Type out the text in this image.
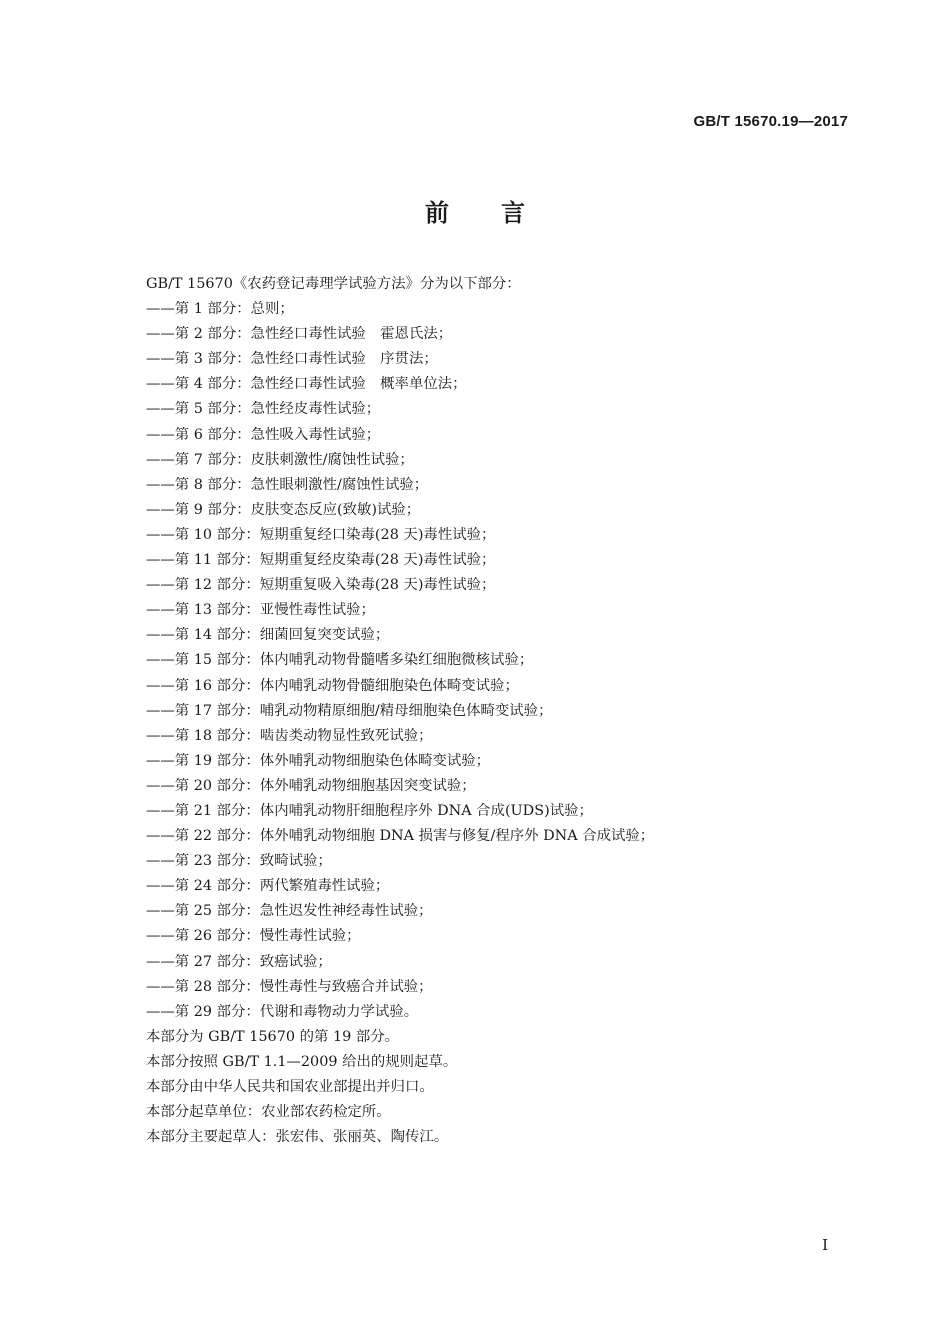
GB/T 15670.19—2017
前言
GB/T 15670《农药登记毒理学试验方法》分为以下部分：
——第 1 部分：总则；
——第 2 部分：急性经口毒性试验　霍恩氏法；
——第 3 部分：急性经口毒性试验　序贯法；
——第 4 部分：急性经口毒性试验　概率单位法；
——第 5 部分：急性经皮毒性试验；
——第 6 部分：急性吸入毒性试验；
——第 7 部分：皮肤刺激性/腐蚀性试验；
——第 8 部分：急性眼刺激性/腐蚀性试验；
——第 9 部分：皮肤变态反应(致敏)试验；
——第 10 部分：短期重复经口染毒(28 天)毒性试验；
——第 11 部分：短期重复经皮染毒(28 天)毒性试验；
——第 12 部分：短期重复吸入染毒(28 天)毒性试验；
——第 13 部分：亚慢性毒性试验；
——第 14 部分：细菌回复突变试验；
——第 15 部分：体内哺乳动物骨髓嗜多染红细胞微核试验；
——第 16 部分：体内哺乳动物骨髓细胞染色体畸变试验；
——第 17 部分：哺乳动物精原细胞/精母细胞染色体畸变试验；
——第 18 部分：啮齿类动物显性致死试验；
——第 19 部分：体外哺乳动物细胞染色体畸变试验；
——第 20 部分：体外哺乳动物细胞基因突变试验；
——第 21 部分：体内哺乳动物肝细胞程序外 DNA 合成(UDS)试验；
——第 22 部分：体外哺乳动物细胞 DNA 损害与修复/程序外 DNA 合成试验；
——第 23 部分：致畸试验；
——第 24 部分：两代繁殖毒性试验；
——第 25 部分：急性迟发性神经毒性试验；
——第 26 部分：慢性毒性试验；
——第 27 部分：致癌试验；
——第 28 部分：慢性毒性与致癌合并试验；
——第 29 部分：代谢和毒物动力学试验。
本部分为 GB/T 15670 的第 19 部分。
本部分按照 GB/T 1.1—2009 给出的规则起草。
本部分由中华人民共和国农业部提出并归口。
本部分起草单位：农业部农药检定所。
本部分主要起草人：张宏伟、张丽英、陶传江。
I
